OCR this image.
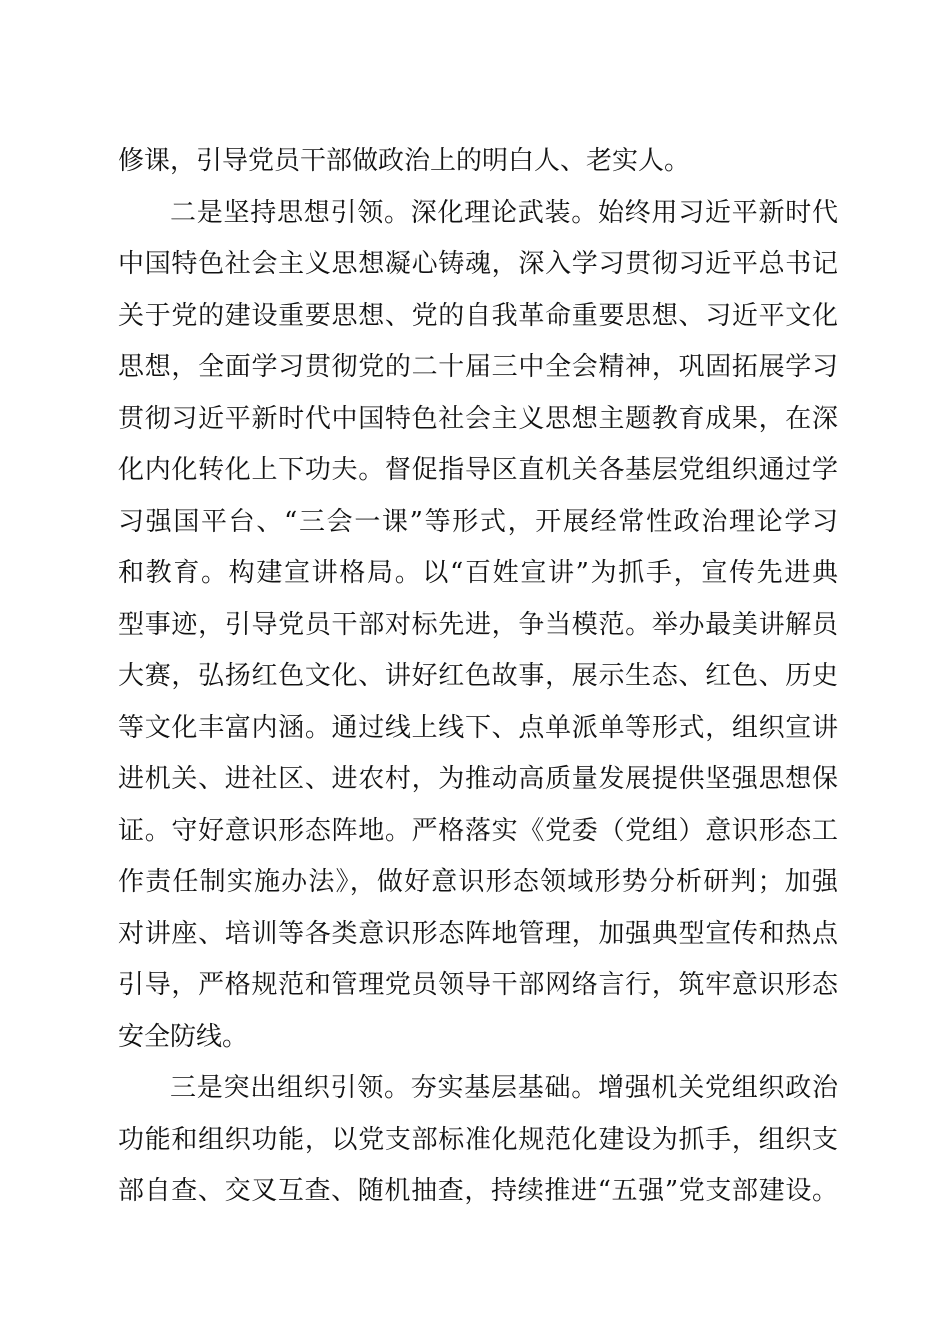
修课，引导党员干部做政治上的明白人、老实人。
二是坚持思想引领。深化理论武装。始终用习近平新时代
中国特色社会主义思想凝心铸魂，深入学习贯彻习近平总书记
关于党的建设重要思想、党的自我革命重要思想、习近平文化
思想，全面学习贯彻党的二十届三中全会精神，巩固拓展学习
贯彻习近平新时代中国特色社会主义思想主题教育成果，在深
化内化转化上下功夫。督促指导区直机关各基层党组织通过学
习强国平台、“三会一课”等形式，开展经常性政治理论学习
和教育。构建宣讲格局。以“百姓宣讲”为抓手，宣传先进典
型事迹，引导党员干部对标先进，争当模范。举办最美讲解员
大赛，弘扬红色文化、讲好红色故事，展示生态、红色、历史
等文化丰富内涵。通过线上线下、点单派单等形式，组织宣讲
进机关、进社区、进农村，为推动高质量发展提供坚强思想保
证。守好意识形态阵地。严格落实《党委（党组）意识形态工
作责任制实施办法》，做好意识形态领域形势分析研判；加强
对讲座、培训等各类意识形态阵地管理，加强典型宣传和热点
引导，严格规范和管理党员领导干部网络言行，筑牢意识形态
安全防线。
三是突出组织引领。夯实基层基础。增强机关党组织政治
功能和组织功能，以党支部标准化规范化建设为抓手，组织支
部自查、交叉互查、随机抽查，持续推进“五强”党支部建设。
